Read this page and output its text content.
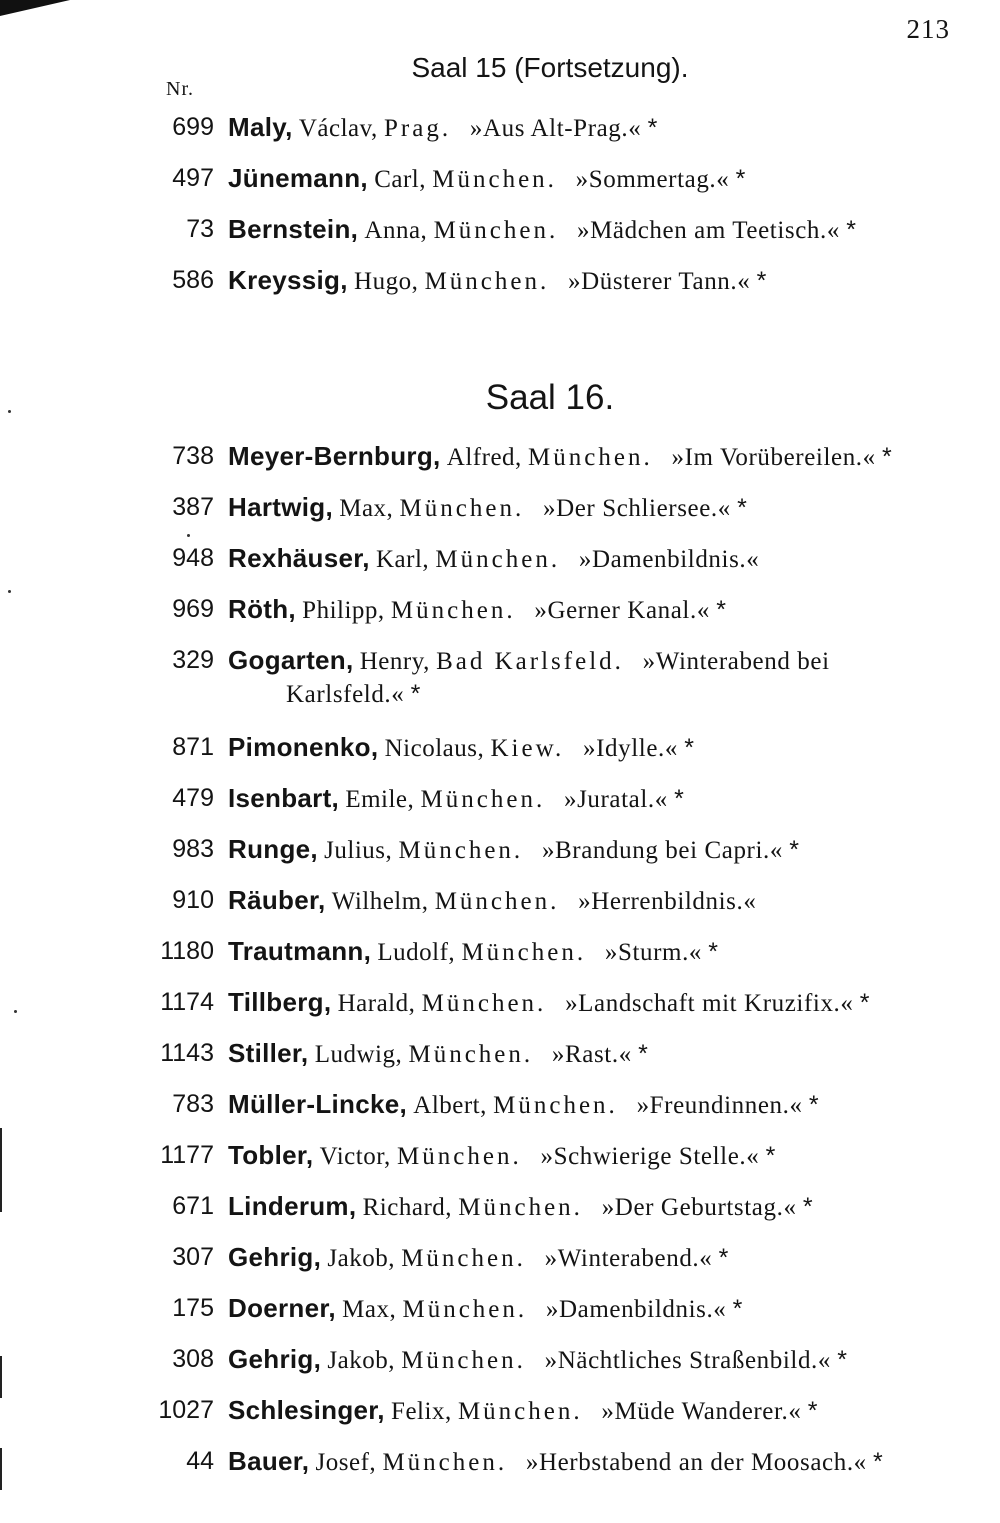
213
Nr.
Saal 15 (Fortsetzung).
699 Maly, Václav, Prag. »Aus Alt-Prag.« *
497 Jünemann, Carl, München. »Sommertag.« *
73 Bernstein, Anna, München. »Mädchen am Teetisch.« *
586 Kreyssig, Hugo, München. »Düsterer Tann.« *
Saal 16.
738 Meyer-Bernburg, Alfred, München. »Im Vorübereilen.« *
387 Hartwig, Max, München. »Der Schliersee.« *
948 Rexhäuser, Karl, München. »Damenbildnis.«
969 Röth, Philipp, München. »Gerner Kanal.« *
329 Gogarten, Henry, Bad Karlsfeld. »Winterabend bei
Karlsfeld.« *
871 Pimonenko, Nicolaus, Kiew. »Idylle.« *
479 Isenbart, Emile, München. »Juratal.« *
983 Runge, Julius, München. »Brandung bei Capri.« *
910 Räuber, Wilhelm, München. »Herrenbildnis.«
1180 Trautmann, Ludolf, München. »Sturm.« *
1174 Tillberg, Harald, München. »Landschaft mit Kruzifix.« *
1143 Stiller, Ludwig, München. »Rast.« *
783 Müller-Lincke, Albert, München. »Freundinnen.« *
1177 Tobler, Victor, München. »Schwierige Stelle.« *
671 Linderum, Richard, München. »Der Geburtstag.« *
307 Gehrig, Jakob, München. »Winterabend.« *
175 Doerner, Max, München. »Damenbildnis.« *
308 Gehrig, Jakob, München. »Nächtliches Straßenbild.« *
1027 Schlesinger, Felix, München. »Müde Wanderer.« *
44 Bauer, Josef, München. »Herbstabend an der Moosach.« *
